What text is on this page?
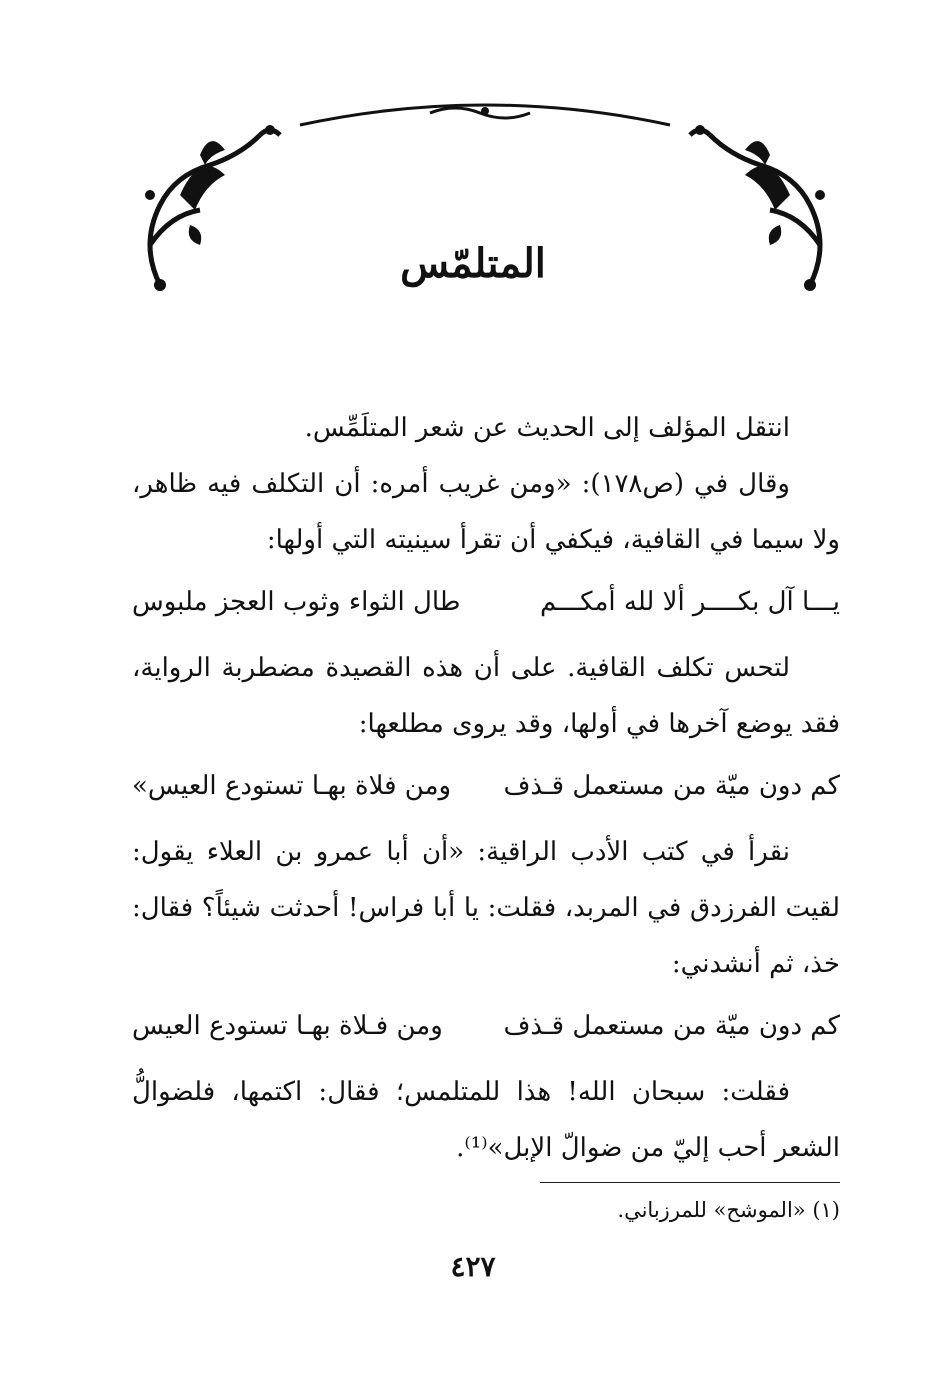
المتلمّس

انتقل المؤلف إلى الحديث عن شعر المتلَمِّس.

وقال في (ص١٧٨): «ومن غريب أمره: أن التكلف فيه ظاهر، ولا سيما في القافية، فيكفي أن تقرأ سينيته التي أولها:

يـــا آل بكــــر ألا لله أمكـــم
طال الثواء وثوب العجز ملبوس

لتحس تكلف القافية. على أن هذه القصيدة مضطربة الرواية، فقد يوضع آخرها في أولها، وقد يروى مطلعها:

كم دون ميّة من مستعمل قـذف
ومن فلاة بهـا تستودع العيس»

نقرأ في كتب الأدب الراقية: «أن أبا عمرو بن العلاء يقول: لقيت الفرزدق في المربد، فقلت: يا أبا فراس! أحدثت شيئاً؟ فقال: خذ، ثم أنشدني:

كم دون ميّة من مستعمل قـذف
ومن فـلاة بهـا تستودع العيس

فقلت: سبحان الله! هذا للمتلمس؛ فقال: اكتمها، فلضوالُّ الشعر أحب إليّ من ضوالّ الإبل»⁽¹⁾.

(١) «الموشح» للمرزباني.
٤٢٧
